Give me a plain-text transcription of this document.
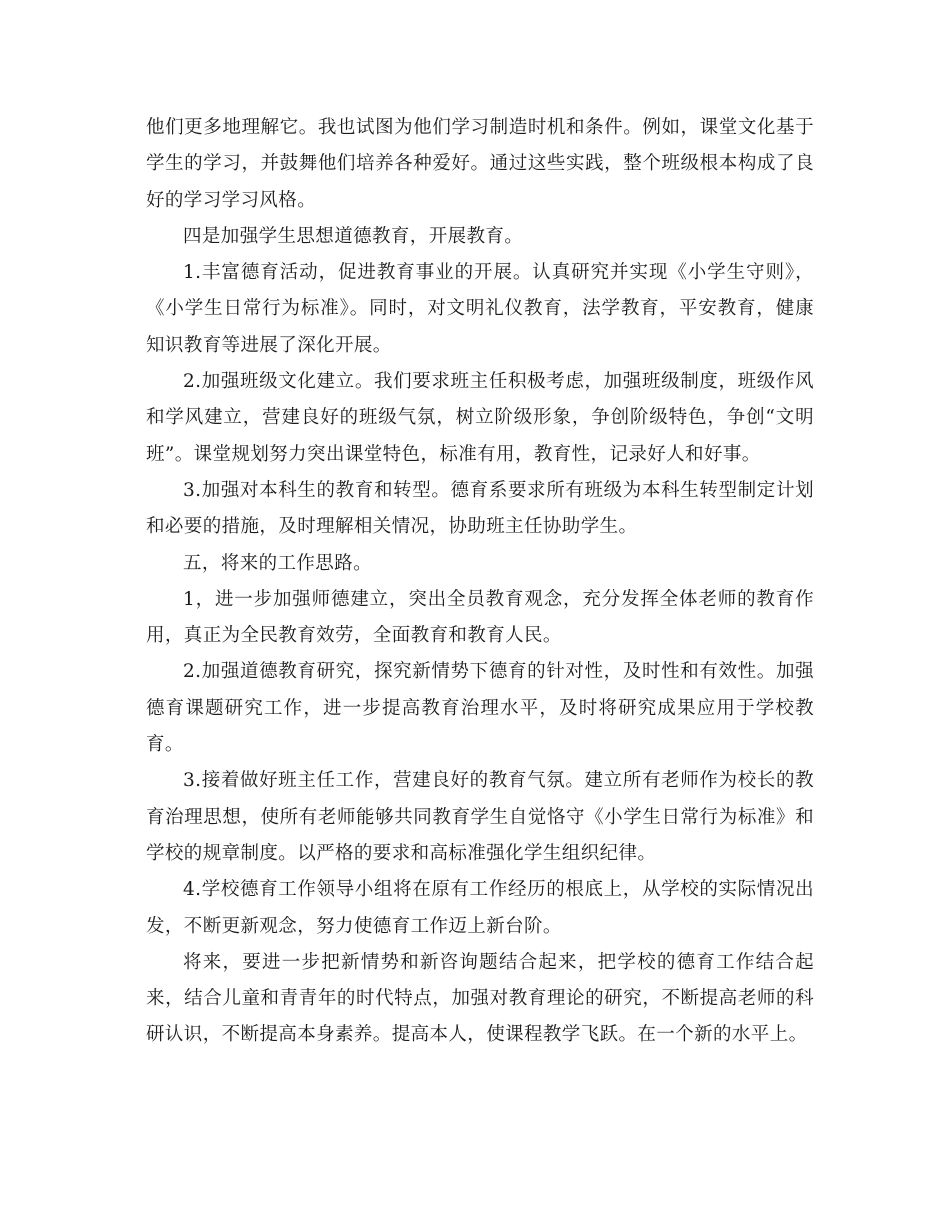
他们更多地理解它。我也试图为他们学习制造时机和条件。例如，课堂文化基于学生的学习，并鼓舞他们培养各种爱好。通过这些实践，整个班级根本构成了良好的学习学习风格。

四是加强学生思想道德教育，开展教育。

1.丰富德育活动，促进教育事业的开展。认真研究并实现《小学生守则》，《小学生日常行为标准》。同时，对文明礼仪教育，法学教育，平安教育，健康知识教育等进展了深化开展。

2.加强班级文化建立。我们要求班主任积极考虑，加强班级制度，班级作风和学风建立，营建良好的班级气氛，树立阶级形象，争创阶级特色，争创“文明班”。课堂规划努力突出课堂特色，标准有用，教育性，记录好人和好事。

3.加强对本科生的教育和转型。德育系要求所有班级为本科生转型制定计划和必要的措施，及时理解相关情况，协助班主任协助学生。

五，将来的工作思路。

1，进一步加强师德建立，突出全员教育观念，充分发挥全体老师的教育作用，真正为全民教育效劳，全面教育和教育人民。

2.加强道德教育研究，探究新情势下德育的针对性，及时性和有效性。加强德育课题研究工作，进一步提高教育治理水平，及时将研究成果应用于学校教育。

3.接着做好班主任工作，营建良好的教育气氛。建立所有老师作为校长的教育治理思想，使所有老师能够共同教育学生自觉恪守《小学生日常行为标准》和学校的规章制度。以严格的要求和高标准强化学生组织纪律。

4.学校德育工作领导小组将在原有工作经历的根底上，从学校的实际情况出发，不断更新观念，努力使德育工作迈上新台阶。

将来，要进一步把新情势和新咨询题结合起来，把学校的德育工作结合起来，结合儿童和青青年的时代特点，加强对教育理论的研究，不断提高老师的科研认识，不断提高本身素养。提高本人，使课程教学飞跃。在一个新的水平上。
